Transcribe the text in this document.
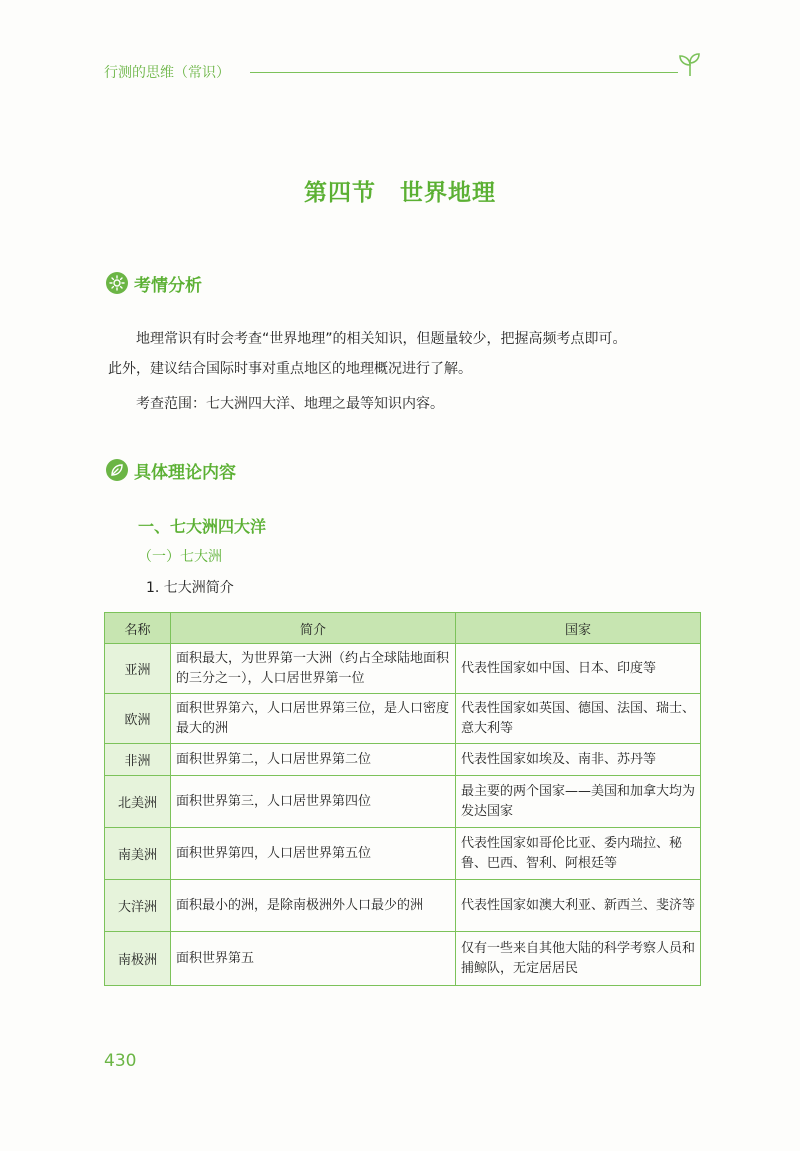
行测的思维（常识）
第四节　世界地理
考情分析
地理常识有时会考查“世界地理”的相关知识，但题量较少，把握高频考点即可。
此外，建议结合国际时事对重点地区的地理概况进行了解。
考查范围：七大洲四大洋、地理之最等知识内容。
具体理论内容
一、七大洲四大洋
（一）七大洲
1. 七大洲简介
名称	简介	国家
亚洲	面积最大，为世界第一大洲（约占全球陆地面积的三分之一），人口居世界第一位	代表性国家如中国、日本、印度等
欧洲	面积世界第六，人口居世界第三位，是人口密度最大的洲	代表性国家如英国、德国、法国、瑞士、意大利等
非洲	面积世界第二，人口居世界第二位	代表性国家如埃及、南非、苏丹等
北美洲	面积世界第三，人口居世界第四位	最主要的两个国家——美国和加拿大均为发达国家
南美洲	面积世界第四，人口居世界第五位	代表性国家如哥伦比亚、委内瑞拉、秘鲁、巴西、智利、阿根廷等
大洋洲	面积最小的洲，是除南极洲外人口最少的洲	代表性国家如澳大利亚、新西兰、斐济等
南极洲	面积世界第五	仅有一些来自其他大陆的科学考察人员和捕鲸队，无定居居民
430
